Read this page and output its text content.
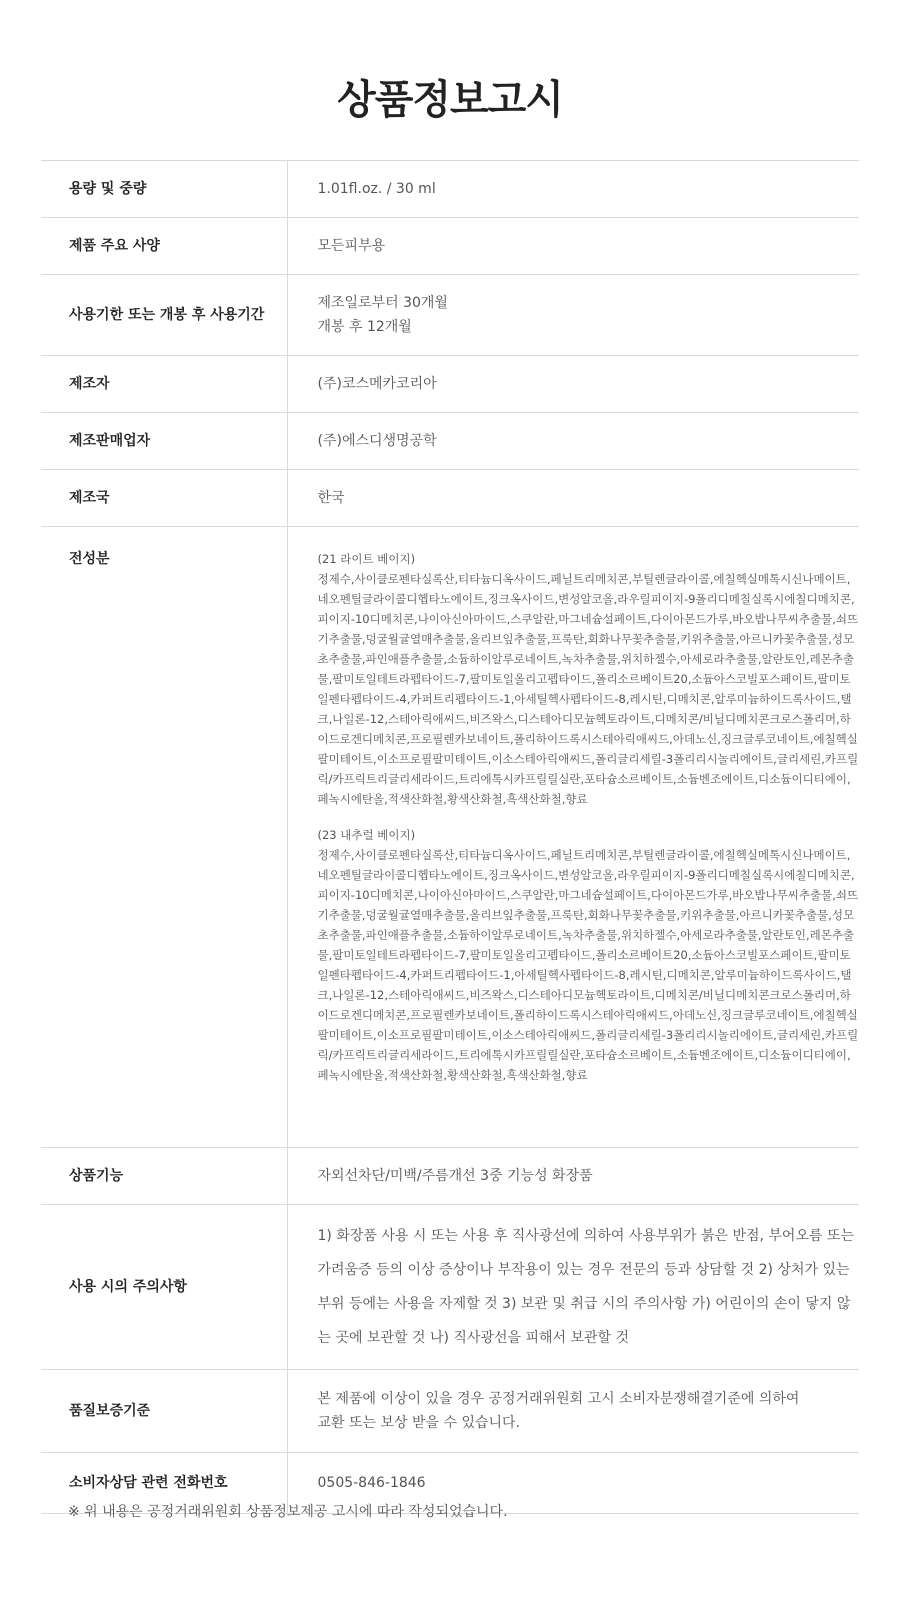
상품정보고시
용량 및 중량	1.01fl.oz. / 30 ml
제품 주요 사양	모든피부용
사용기한 또는 개봉 후 사용기간	제조일로부터 30개월
개봉 후 12개월

제조자	(주)코스메카코리아
제조판매업자	(주)에스디생명공학
제조국	한국
전성분	(21 라이트 베이지)
정제수,사이클로펜타실록산,티타늄디옥사이드,페닐트리메치콘,부틸렌글라이콜,에칠헥실메톡시신나메이트,네오펜틸글라이콜디헵타노에이트,징크옥사이드,변성알코올,라우릴피이지-9폴리디메칠실록시에칠디메치콘,피이지-10디메치콘,나이아신아마이드,스쿠알란,마그네슘설페이트,다이아몬드가루,바오밥나무씨추출물,쇠뜨기추출물,덩굴월귤열매추출물,올리브잎추출물,프룩탄,회화나무꽃추출물,키위추출물,아르니카꽃추출물,성모초추출물,파인애플추출물,소듐하이알루로네이트,녹차추출물,위치하젤수,아세로라추출물,알란토인,레몬추출물,팔미토일테트라펩타이드-7,팔미토일올리고펩타이드,폴리소르베이트20,소듐아스코빌포스페이트,팔미토일펜타펩타이드-4,카퍼트리펩타이드-1,아세틸헥사펩타이드-8,레시틴,디메치콘,알루미늄하이드록사이드,탤크,나일론-12,스테아릭애씨드,비즈왁스,디스테아디모늄헥토라이트,디메치콘/비닐디메치콘크로스폴리머,하이드로겐디메치콘,프로필렌카보네이트,폴리하이드록시스테아릭애씨드,아데노신,징크글루코네이트,에칠헥실팔미테이트,이소프로필팔미테이트,이소스테아릭애씨드,폴리글리세릴-3폴리리시놀리에이트,글리세린,카프릴릭/카프릭트리글리세라이드,트리에톡시카프릴릴실란,포타슘소르베이트,소듐벤조에이트,디소듐이디티에이,페녹시에탄올,적색산화철,황색산화철,흑색산화철,향료
(23 내추럴 베이지)
정제수,사이클로펜타실록산,티타늄디옥사이드,페닐트리메치콘,부틸렌글라이콜,에칠헥실메톡시신나메이트,네오펜틸글라이콜디헵타노에이트,징크옥사이드,변성알코올,라우릴피이지-9폴리디메칠실록시에칠디메치콘,피이지-10디메치콘,나이아신아마이드,스쿠알란,마그네슘설페이트,다이아몬드가루,바오밥나무씨추출물,쇠뜨기추출물,덩굴월귤열매추출물,올리브잎추출물,프룩탄,회화나무꽃추출물,키위추출물,아르니카꽃추출물,성모초추출물,파인애플추출물,소듐하이알루로네이트,녹차추출물,위치하젤수,아세로라추출물,알란토인,레몬추출물,팔미토일테트라펩타이드-7,팔미토일올리고펩타이드,폴리소르베이트20,소듐아스코빌포스페이트,팔미토일펜타펩타이드-4,카퍼트리펩타이드-1,아세틸헥사펩타이드-8,레시틴,디메치콘,알루미늄하이드록사이드,탤크,나일론-12,스테아릭애씨드,비즈왁스,디스테아디모늄헥토라이트,디메치콘/비닐디메치콘크로스폴리머,하이드로겐디메치콘,프로필렌카보네이트,폴리하이드록시스테아릭애씨드,아데노신,징크글루코네이트,에칠헥실팔미테이트,이소프로필팔미테이트,이소스테아릭애씨드,폴리글리세릴-3폴리리시놀리에이트,글리세린,카프릴릭/카프릭트리글리세라이드,트리에톡시카프릴릴실란,포타슘소르베이트,소듐벤조에이트,디소듐이디티에이,페녹시에탄올,적색산화철,황색산화철,흑색산화철,향료

상품기능	자외선차단/미백/주름개선 3중 기능성 화장품
사용 시의 주의사항	1) 화장품 사용 시 또는 사용 후 직사광선에 의하여 사용부위가 붉은 반점, 부어오름 또는 가려움증 등의 이상 증상이나 부작용이 있는 경우 전문의 등과 상담할 것 2) 상처가 있는 부위 등에는 사용을 자제할 것 3) 보관 및 취급 시의 주의사항 가) 어린이의 손이 닿지 않는 곳에 보관할 것 나) 직사광선을 피해서 보관할 것
품질보증기준	본 제품에 이상이 있을 경우 공정거래위원회 고시 소비자분쟁해결기준에 의하여
교환 또는 보상 받을 수 있습니다.

소비자상담 관련 전화번호	0505-846-1846
※ 위 내용은 공정거래위원회 상품정보제공 고시에 따라 작성되었습니다.
